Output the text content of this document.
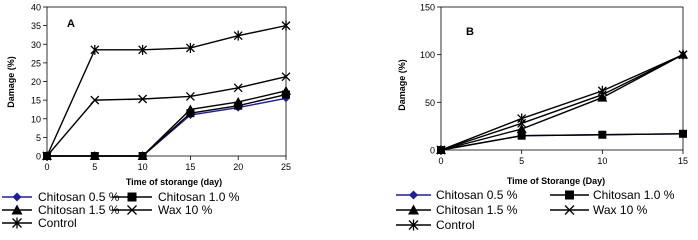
0
5
10
15
20
25
30
35
40
0	5	10	15	20	25
A
Time of storange (day)
Damage (%)
Chitosan 0.5 %	Chitosan 1.0 %
Chitosan 1.5 %	Wax 10 %
Control
0
50
100
150
0	5	10	15
B
Time of Storange (Day)
Damage (%)
Chitosan 0.5 %	Chitosan 1.0 %
Chitosan 1.5 %	Wax 10 %
Control
